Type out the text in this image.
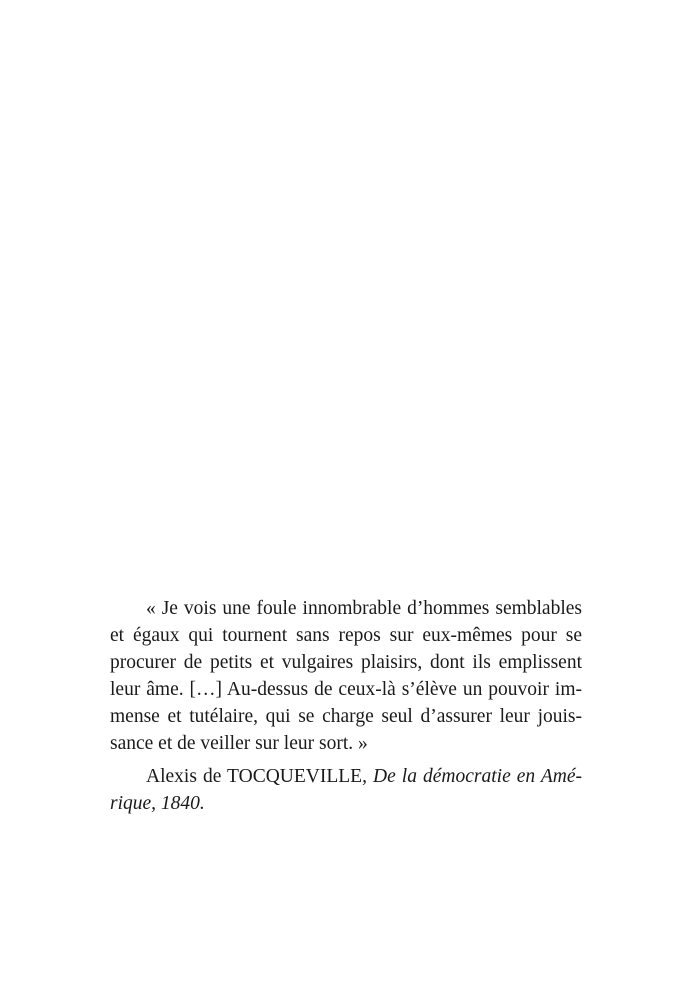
« Je vois une foule innombrable d’hommes semblables
et égaux qui tournent sans repos sur eux-mêmes pour se
procurer de petits et vulgaires plaisirs, dont ils emplissent
leur âme. […] Au-dessus de ceux-là s’élève un pouvoir im-
mense et tutélaire, qui se charge seul d’assurer leur jouis-
sance et de veiller sur leur sort. »
Alexis de TOCQUEVILLE, De la démocratie en Amé-
rique, 1840.
